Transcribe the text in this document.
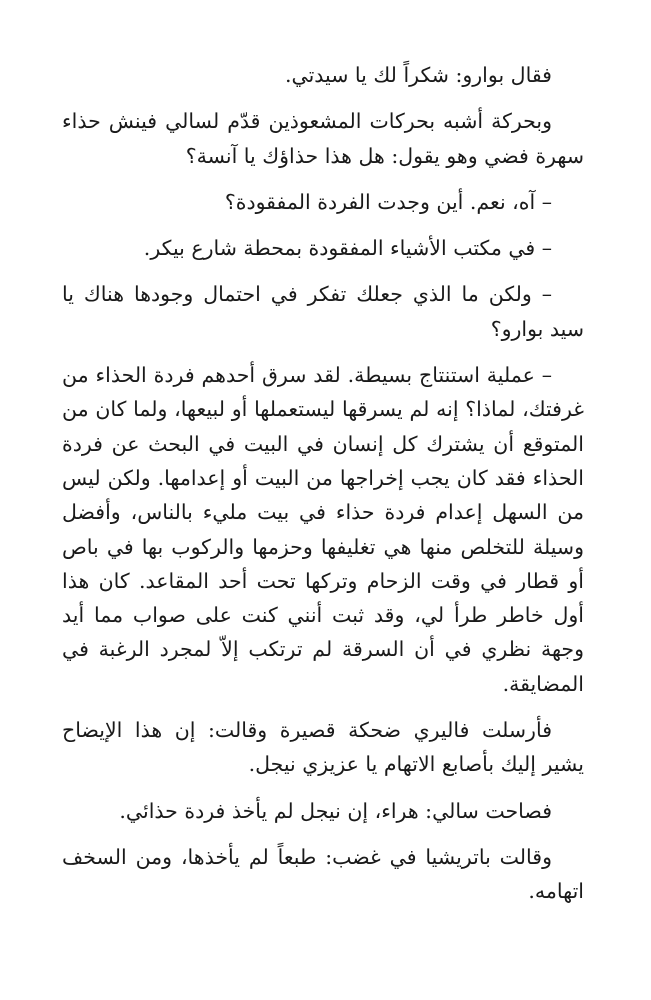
فقال بوارو: شكراً لك يا سيدتي.

وبحركة أشبه بحركات المشعوذين قدّم لسالي فينش حذاء سهرة فضي وهو يقول: هل هذا حذاؤك يا آنسة؟

– آه، نعم. أين وجدت الفردة المفقودة؟

– في مكتب الأشياء المفقودة بمحطة شارع بيكر.

– ولكن ما الذي جعلك تفكر في احتمال وجودها هناك يا سيد بوارو؟

– عملية استنتاج بسيطة. لقد سرق أحدهم فردة الحذاء من غرفتك، لماذا؟ إنه لم يسرقها ليستعملها أو لبيعها، ولما كان من المتوقع أن يشترك كل إنسان في البيت في البحث عن فردة الحذاء فقد كان يجب إخراجها من البيت أو إعدامها. ولكن ليس من السهل إعدام فردة حذاء في بيت مليء بالناس، وأفضل وسيلة للتخلص منها هي تغليفها وحزمها والركوب بها في باص أو قطار في وقت الزحام وتركها تحت أحد المقاعد. كان هذا أول خاطر طرأ لي، وقد ثبت أنني كنت على صواب مما أيد وجهة نظري في أن السرقة لم ترتكب إلاّ لمجرد الرغبة في المضايقة.

فأرسلت فاليري ضحكة قصيرة وقالت: إن هذا الإيضاح يشير إليك بأصابع الاتهام يا عزيزي نيجل.

فصاحت سالي: هراء، إن نيجل لم يأخذ فردة حذائي.

وقالت باتريشيا في غضب: طبعاً لم يأخذها، ومن السخف اتهامه.
